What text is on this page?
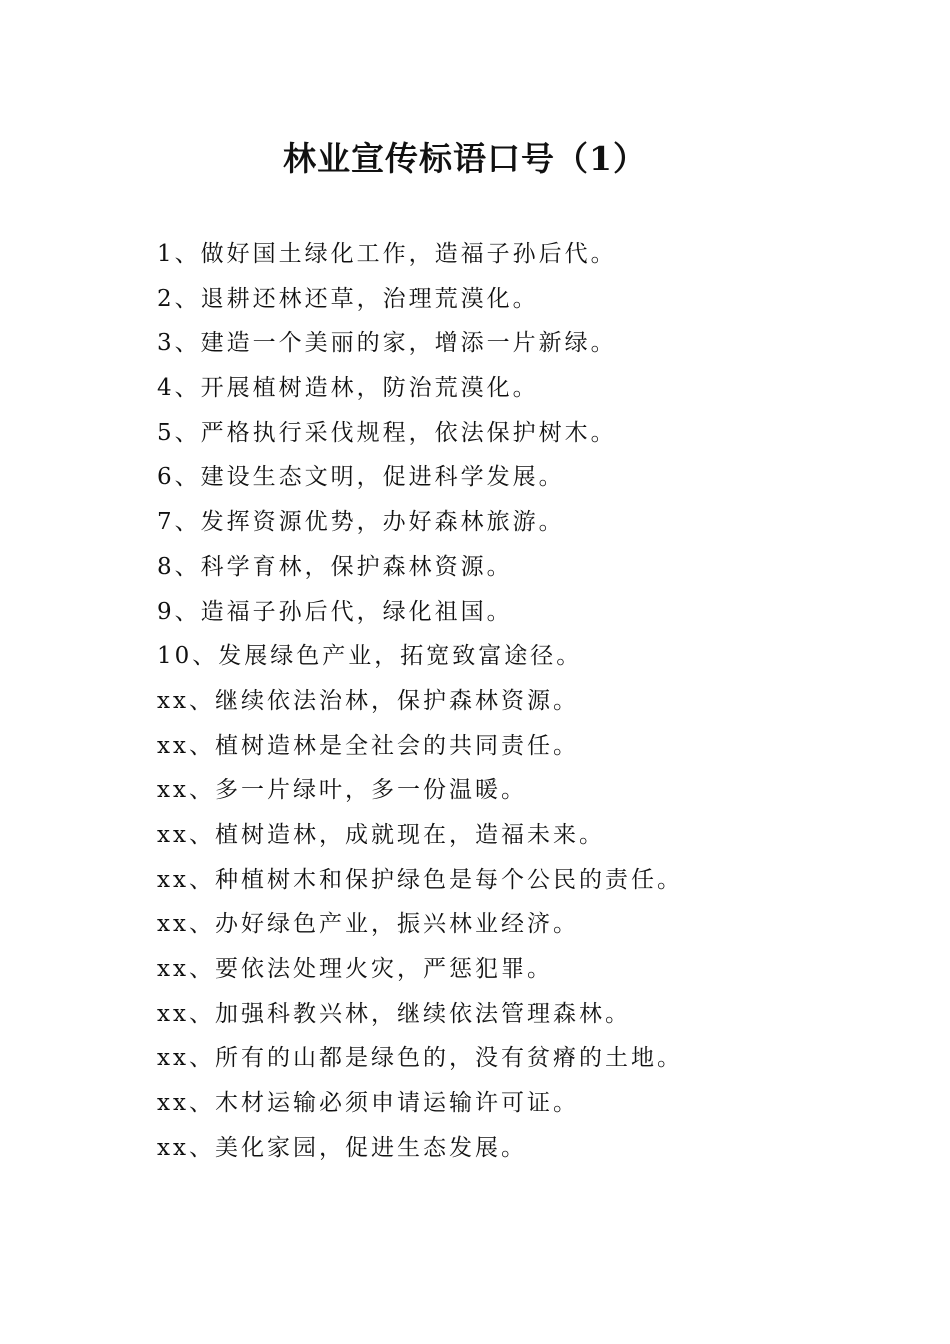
林业宣传标语口号（1）
1、做好国土绿化工作，造福子孙后代。
2、退耕还林还草，治理荒漠化。
3、建造一个美丽的家，增添一片新绿。
4、开展植树造林，防治荒漠化。
5、严格执行采伐规程，依法保护树木。
6、建设生态文明，促进科学发展。
7、发挥资源优势，办好森林旅游。
8、科学育林，保护森林资源。
9、造福子孙后代，绿化祖国。
10、发展绿色产业，拓宽致富途径。
xx、继续依法治林，保护森林资源。
xx、植树造林是全社会的共同责任。
xx、多一片绿叶，多一份温暖。
xx、植树造林，成就现在，造福未来。
xx、种植树木和保护绿色是每个公民的责任。
xx、办好绿色产业，振兴林业经济。
xx、要依法处理火灾，严惩犯罪。
xx、加强科教兴林，继续依法管理森林。
xx、所有的山都是绿色的，没有贫瘠的土地。
xx、木材运输必须申请运输许可证。
xx、美化家园，促进生态发展。
